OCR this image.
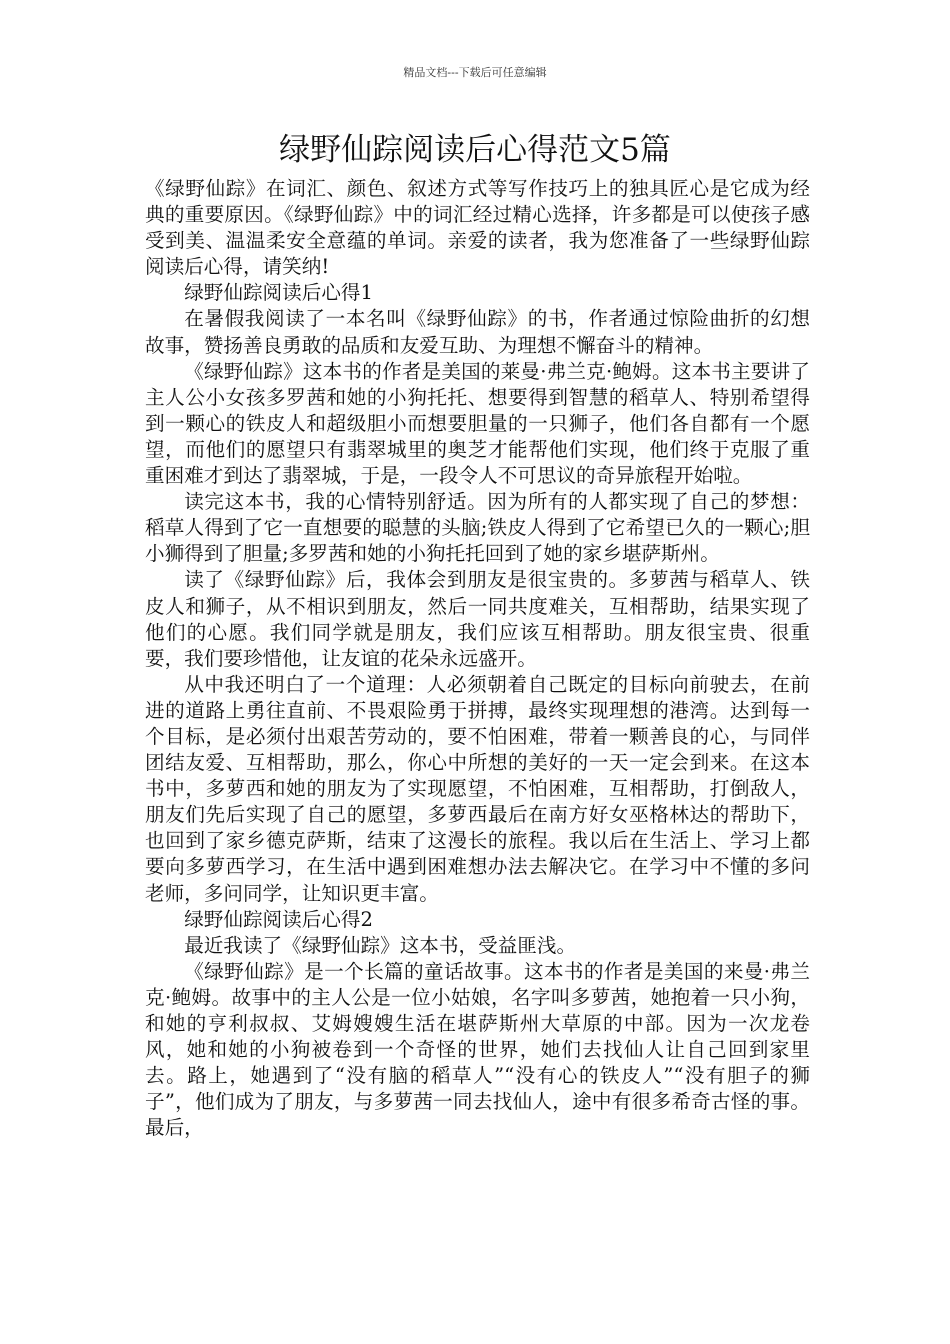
精品文档---下载后可任意编辑
绿野仙踪阅读后心得范文5篇

《绿野仙踪》在词汇、颜色、叙述方式等写作技巧上的独具匠心是它成为经典的重要原因。《绿野仙踪》中的词汇经过精心选择，许多都是可以使孩子感受到美、温温柔安全意蕴的单词。亲爱的读者，我为您准备了一些绿野仙踪阅读后心得，请笑纳!

绿野仙踪阅读后心得1

在暑假我阅读了一本名叫《绿野仙踪》的书，作者通过惊险曲折的幻想故事，赞扬善良勇敢的品质和友爱互助、为理想不懈奋斗的精神。

《绿野仙踪》这本书的作者是美国的莱曼·弗兰克·鲍姆。这本书主要讲了主人公小女孩多罗茜和她的小狗托托、想要得到智慧的稻草人、特别希望得到一颗心的铁皮人和超级胆小而想要胆量的一只狮子，他们各自都有一个愿望，而他们的愿望只有翡翠城里的奥芝才能帮他们实现，他们终于克服了重重困难才到达了翡翠城，于是，一段令人不可思议的奇异旅程开始啦。

读完这本书，我的心情特别舒适。因为所有的人都实现了自己的梦想：稻草人得到了它一直想要的聪慧的头脑;铁皮人得到了它希望已久的一颗心;胆小狮得到了胆量;多罗茜和她的小狗托托回到了她的家乡堪萨斯州。

读了《绿野仙踪》后，我体会到朋友是很宝贵的。多萝茜与稻草人、铁皮人和狮子，从不相识到朋友，然后一同共度难关，互相帮助，结果实现了他们的心愿。我们同学就是朋友，我们应该互相帮助。朋友很宝贵、很重要，我们要珍惜他，让友谊的花朵永远盛开。

从中我还明白了一个道理：人必须朝着自己既定的目标向前驶去，在前进的道路上勇往直前、不畏艰险勇于拼搏，最终实现理想的港湾。达到每一个目标，是必须付出艰苦劳动的，要不怕困难，带着一颗善良的心，与同伴团结友爱、互相帮助，那么，你心中所想的美好的一天一定会到来。在这本书中，多萝西和她的朋友为了实现愿望，不怕困难，互相帮助，打倒敌人，朋友们先后实现了自己的愿望，多萝西最后在南方好女巫格林达的帮助下，也回到了家乡德克萨斯，结束了这漫长的旅程。我以后在生活上、学习上都要向多萝西学习，在生活中遇到困难想办法去解决它。在学习中不懂的多问老师，多问同学，让知识更丰富。

绿野仙踪阅读后心得2

最近我读了《绿野仙踪》这本书，受益匪浅。

《绿野仙踪》是一个长篇的童话故事。这本书的作者是美国的来曼·弗兰克·鲍姆。故事中的主人公是一位小姑娘，名字叫多萝茜，她抱着一只小狗，和她的亨利叔叔、艾姆嫂嫂生活在堪萨斯州大草原的中部。因为一次龙卷风，她和她的小狗被卷到一个奇怪的世界，她们去找仙人让自己回到家里去。路上，她遇到了“没有脑的稻草人”“没有心的铁皮人”“没有胆子的狮子”，他们成为了朋友，与多萝茜一同去找仙人，途中有很多希奇古怪的事。最后，
